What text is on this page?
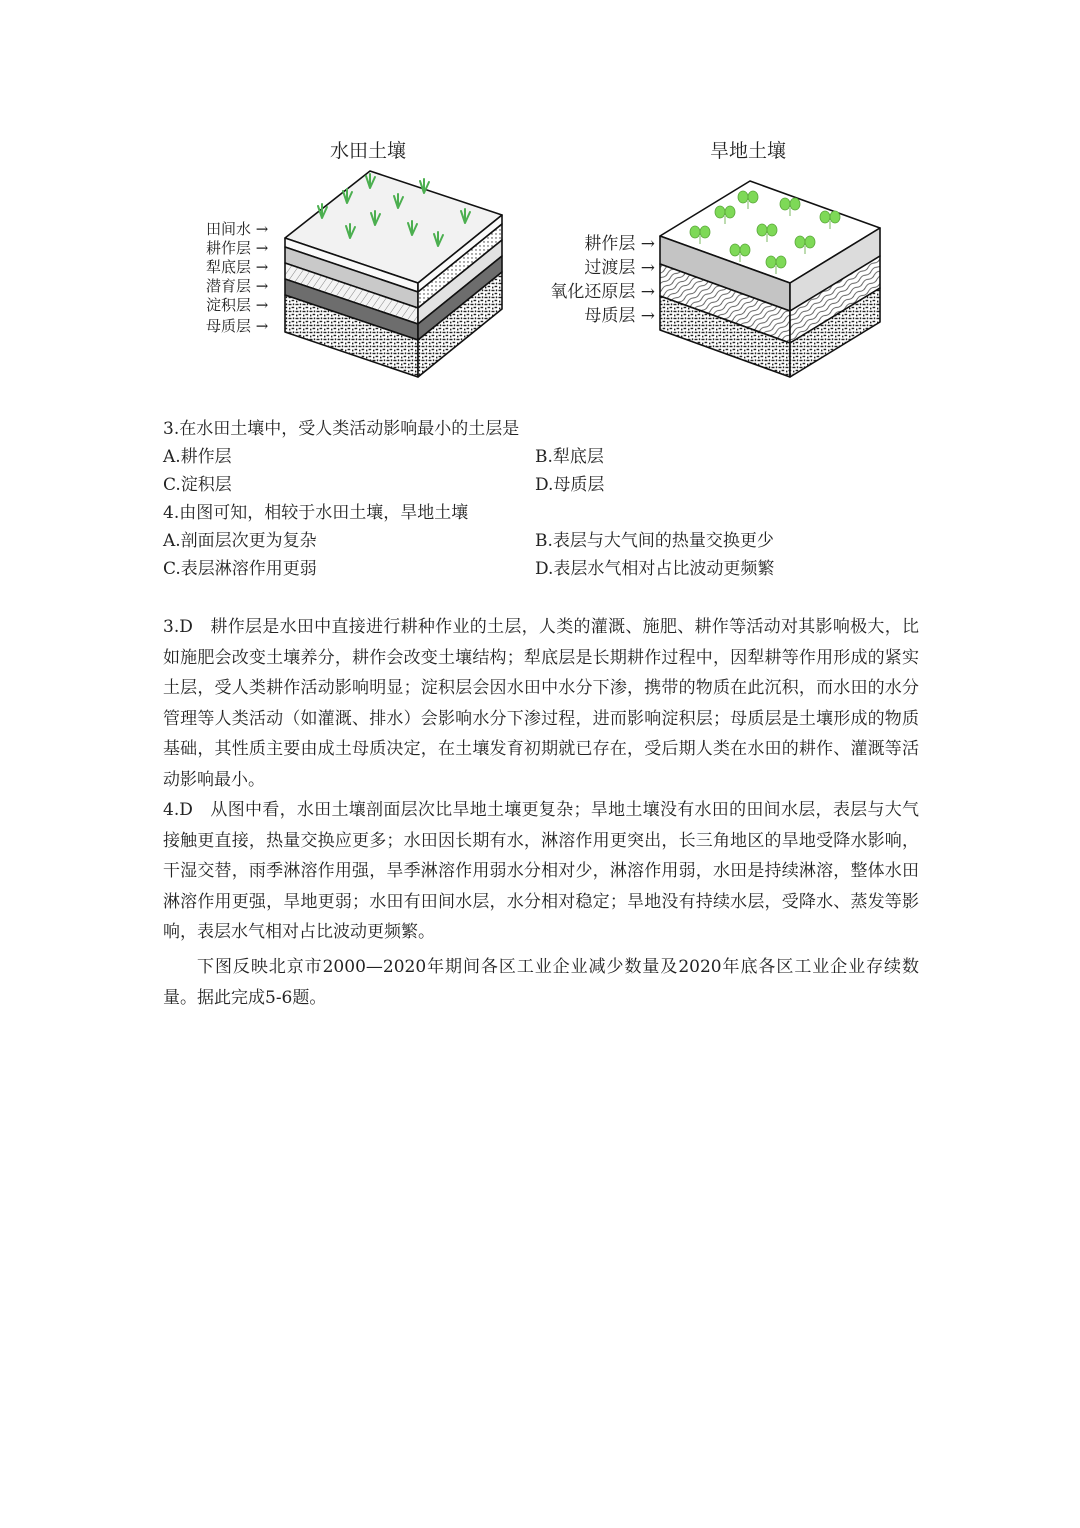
水田土壤	旱地土壤
田间水 →
耕作层 →
犁底层 →
潜育层 →
淀积层 →
母质层 →
耕作层 →
过渡层 →
氧化还原层 →
母质层 →
3.在水田土壤中，受人类活动影响最小的土层是
A.耕作层	B.犁底层
C.淀积层	D.母质层
4.由图可知，相较于水田土壤，旱地土壤
A.剖面层次更为复杂	B.表层与大气间的热量交换更少
C.表层淋溶作用更弱	D.表层水气相对占比波动更频繁

3.D　耕作层是水田中直接进行耕种作业的土层，人类的灌溉、施肥、耕作等活动对其影响极大，比如施肥会改变土壤养分，耕作会改变土壤结构；犁底层是长期耕作过程中，因犁耕等作用形成的紧实土层，受人类耕作活动影响明显；淀积层会因水田中水分下渗，携带的物质在此沉积，而水田的水分管理等人类活动（如灌溉、排水）会影响水分下渗过程，进而影响淀积层；母质层是土壤形成的物质基础，其性质主要由成土母质决定，在土壤发育初期就已存在，受后期人类在水田的耕作、灌溉等活动影响最小。

4.D　从图中看，水田土壤剖面层次比旱地土壤更复杂；旱地土壤没有水田的田间水层，表层与大气接触更直接，热量交换应更多；水田因长期有水，淋溶作用更突出，长三角地区的旱地受降水影响，干湿交替，雨季淋溶作用强，旱季淋溶作用弱水分相对少，淋溶作用弱，水田是持续淋溶，整体水田淋溶作用更强，旱地更弱；水田有田间水层，水分相对稳定；旱地没有持续水层，受降水、蒸发等影响，表层水气相对占比波动更频繁。

下图反映北京市2000—2020年期间各区工业企业减少数量及2020年底各区工业企业存续数量。据此完成5-6题。
